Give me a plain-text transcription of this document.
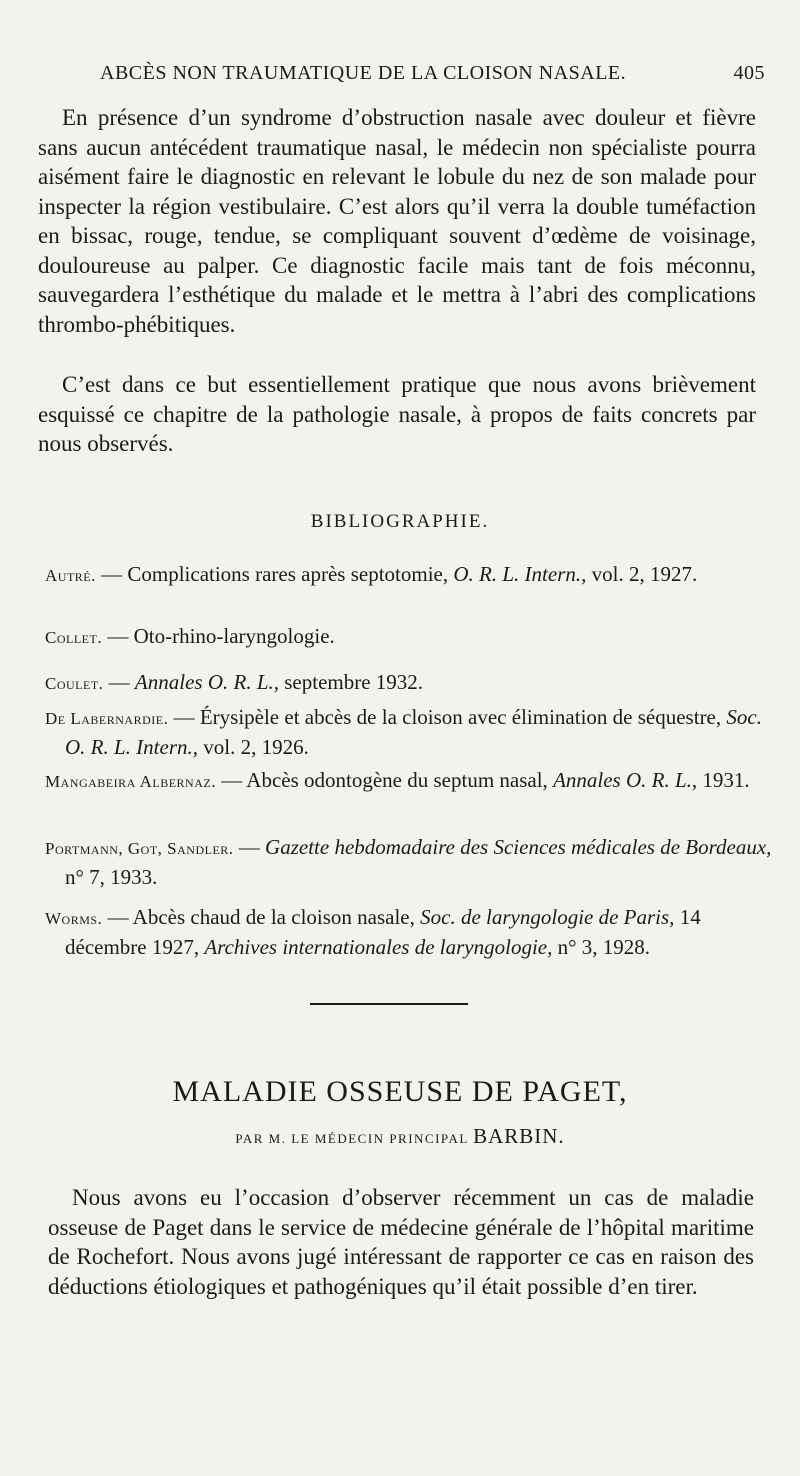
ABCÈS NON TRAUMATIQUE DE LA CLOISON NASALE.	405

En présence d’un syndrome d’obstruction nasale avec douleur et fièvre sans aucun antécédent traumatique nasal, le médecin non spécialiste pourra aisément faire le diagnostic en relevant le lobule du nez de son malade pour inspecter la région vestibulaire. C’est alors qu’il verra la double tuméfaction en bissac, rouge, tendue, se compliquant souvent d’œdème de voisinage, douloureuse au palper. Ce diagnostic facile mais tant de fois méconnu, sauvegardera l’esthétique du malade et le mettra à l’abri des complications thrombo-phébitiques.

C’est dans ce but essentiellement pratique que nous avons brièvement esquissé ce chapitre de la pathologie nasale, à propos de faits concrets par nous observés.

BIBLIOGRAPHIE.

Autré. — Complications rares après septotomie, O. R. L. Intern., vol. 2, 1927.

Collet. — Oto-rhino-laryngologie.

Coulet. — Annales O. R. L., septembre 1932.

De Labernardie. — Érysipèle et abcès de la cloison avec élimination de séquestre, Soc. O. R. L. Intern., vol. 2, 1926.

Mangabeira Albernaz. — Abcès odontogène du septum nasal, Annales O. R. L., 1931.

Portmann, Got, Sandler. — Gazette hebdomadaire des Sciences médicales de Bordeaux, n° 7, 1933.

Worms. — Abcès chaud de la cloison nasale, Soc. de laryngologie de Paris, 14 décembre 1927, Archives internationales de laryngologie, n° 3, 1928.

MALADIE OSSEUSE DE PAGET,
PAR M. LE MÉDECIN PRINCIPAL BARBIN.

Nous avons eu l’occasion d’observer récemment un cas de maladie osseuse de Paget dans le service de médecine générale de l’hôpital maritime de Rochefort. Nous avons jugé intéressant de rapporter ce cas en raison des déductions étiologiques et pathogéniques qu’il était possible d’en tirer.
